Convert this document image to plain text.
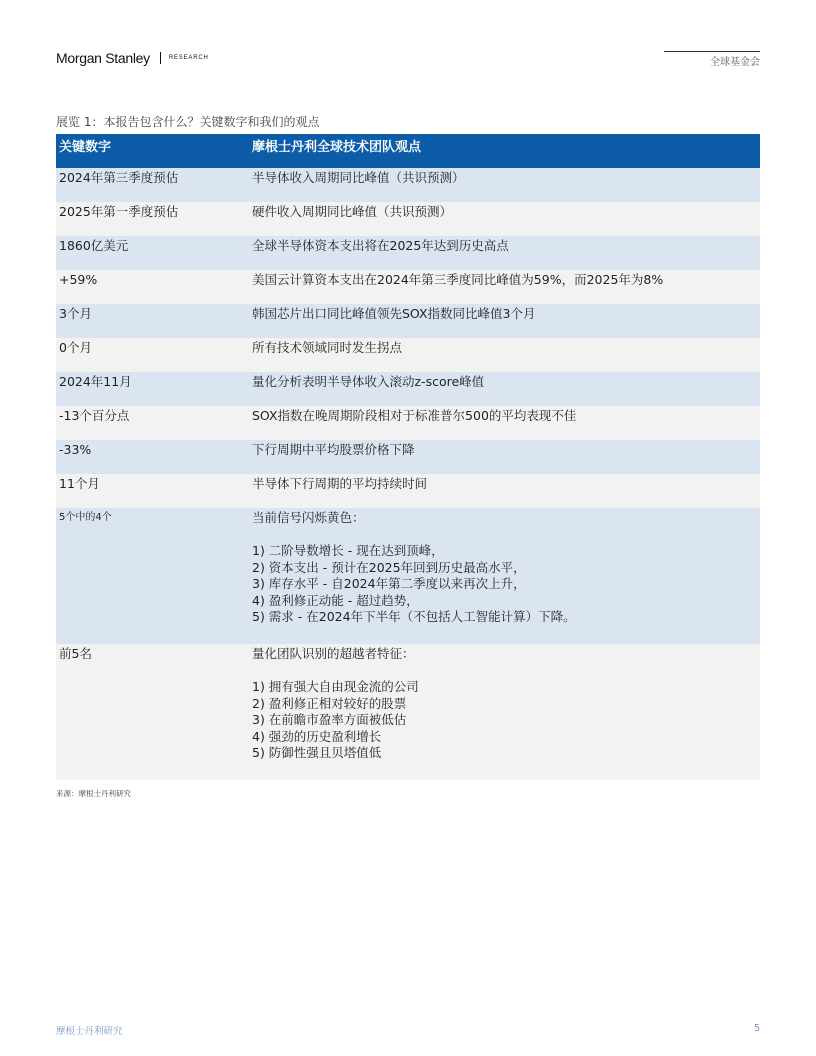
Morgan Stanley	RESEARCH	全球基金会
展览 1：本报告包含什么？关键数字和我们的观点
关键数字	摩根士丹利全球技术团队观点
2024年第三季度预估	半导体收入周期同比峰值（共识预测）
2025年第一季度预估	硬件收入周期同比峰值（共识预测）
1860亿美元	全球半导体资本支出将在2025年达到历史高点
+59%	美国云计算资本支出在2024年第三季度同比峰值为59%，而2025年为8%
3个月	韩国芯片出口同比峰值领先SOX指数同比峰值3个月
0个月	所有技术领域同时发生拐点
2024年11月	量化分析表明半导体收入滚动z-score峰值
-13个百分点	SOX指数在晚周期阶段相对于标准普尔500的平均表现不佳
-33%	下行周期中平均股票价格下降
11个月	半导体下行周期的平均持续时间
5个中的4个	当前信号闪烁黄色：
1) 二阶导数增长 - 现在达到顶峰，
2) 资本支出 - 预计在2025年回到历史最高水平，
3) 库存水平 - 自2024年第二季度以来再次上升，
4) 盈利修正动能 - 超过趋势，
5) 需求 - 在2024年下半年（不包括人工智能计算）下降。
前5名	量化团队识别的超越者特征：
1) 拥有强大自由现金流的公司
2) 盈利修正相对较好的股票
3) 在前瞻市盈率方面被低估
4) 强劲的历史盈利增长
5) 防御性强且贝塔值低
来源：摩根士丹利研究
摩根士丹利研究	5
